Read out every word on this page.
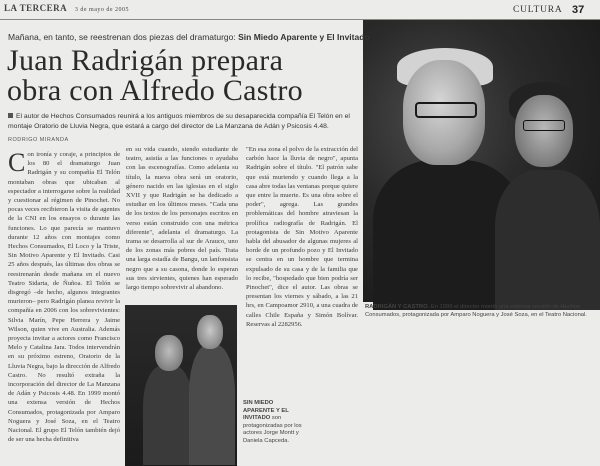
LA TERCERA 3 de mayo de 2005	CULTURA 37
Mañana, en tanto, se reestrenan dos piezas del dramaturgo: Sin Miedo Aparente y El Invitado
Juan Radrigán prepara
obra con Alfredo Castro
El autor de Hechos Consumados reunirá a los antiguos miembros de su desaparecida compañía El Telón en el montaje Oratorio de Lluvia Negra, que estará a cargo del director de La Manzana de Adán y Psicosis 4.48.
RODRIGO MIRANDA
Con ironía y coraje, a principios de los 80 el dramaturgo Juan Radrigán y su compañía El Telón montaban obras que ubicaban al espectador a interrogarse sobre la realidad y cuestionar al régimen de Pinochet. No pocas veces recibieron la visita de agentes de la CNI en los ensayos o durante las funciones. Lo que parecía se mantuvo durante 12 años con montajes como Hechos Consumados, El Loco y la Triste, Sin Motivo Aparente y El Invitado. Casi 25 años después, las últimas dos obras se reestrenarán desde mañana en el nuevo Teatro Sidarta, de Ñuñoa. El Telón se disgregó –de hecho, algunos integrantes murieron– pero Radrigán planea revivir la compañía en 2006 con los sobrevivientes: Silvia Marín, Pepe Herrera y Jaime Wilson, quien vive en Australia. Además proyecta invitar a actores como Francisco Melo y Catalina Jara. Todos intervendrán en su próximo estreno, Oratorio de la Lluvia Negra, bajo la dirección de Alfredo Castro. No resultó extraña la incorporación del director de La Manzana de Adán y Psicosis 4.48. En 1999 montó una extensa versión de Hechos Consumados, protagonizada por Amparo Noguera y José Soza, en el Teatro Nacional. El grupo El Telón también dejó de ser una hecha definitiva
en su vida cuando, siendo estudiante de teatro, asistía a las funciones o ayudaba con las escenografías. Como adelanta su título, la nueva obra será un oratorio, género nacido en las iglesias en el siglo XVII y que Radrigán se ha dedicado a estudiar en los últimos meses. "Cada una de los textos de los personajes escritos en verso están construido con una métrica diferente", adelanta el dramaturgo. La trama se desarrolla al sur de Arauco, uno de los zonas más pobres del país. Trata una larga estadía de Bangu, un lanfonsista negro que a su casona, donde lo esperan sus tres sirvientes, quienes han esperado largo tiempo sobrevivir al abandono.
"En esa zona el polvo de la extracción del carbón hace la lluvia de negro", apunta Radrigán sobre el título. "El patrón sabe que está muriendo y cuando llega a la casa abre todas las ventanas porque quiere que entre la muerte. Es una obra sobre el poder", agrega. Las grandes problemáticas del hombre atraviesan la prolífica radiografía de Radrigán. El protagonista de Sin Motivo Aparente habla del abusador de algunas mujeres al borde de un profundo pozo y El Invitado se centra en un hombre que termina expulsado de su casa y de la familia que lo recibe, "hospedado que bien podría ser Pinochet", dice el autor. Las obras se presentan los viernes y sábado, a las 21 hrs, en Campoamor 2910, a una cuadra de calles Chile España y Simón Bolívar. Reservas al 2282956.
SIN MIEDO APARENTE Y EL INVITADO son protagonizadas por los actores Jorge Montt y Daniela Capceda.
RADRIGÁN Y CASTRO. En 1999 el director montó una extensa versión de Hechos Consumados, protagonizada por Amparo Noguera y José Soza, en el Teatro Nacional.
